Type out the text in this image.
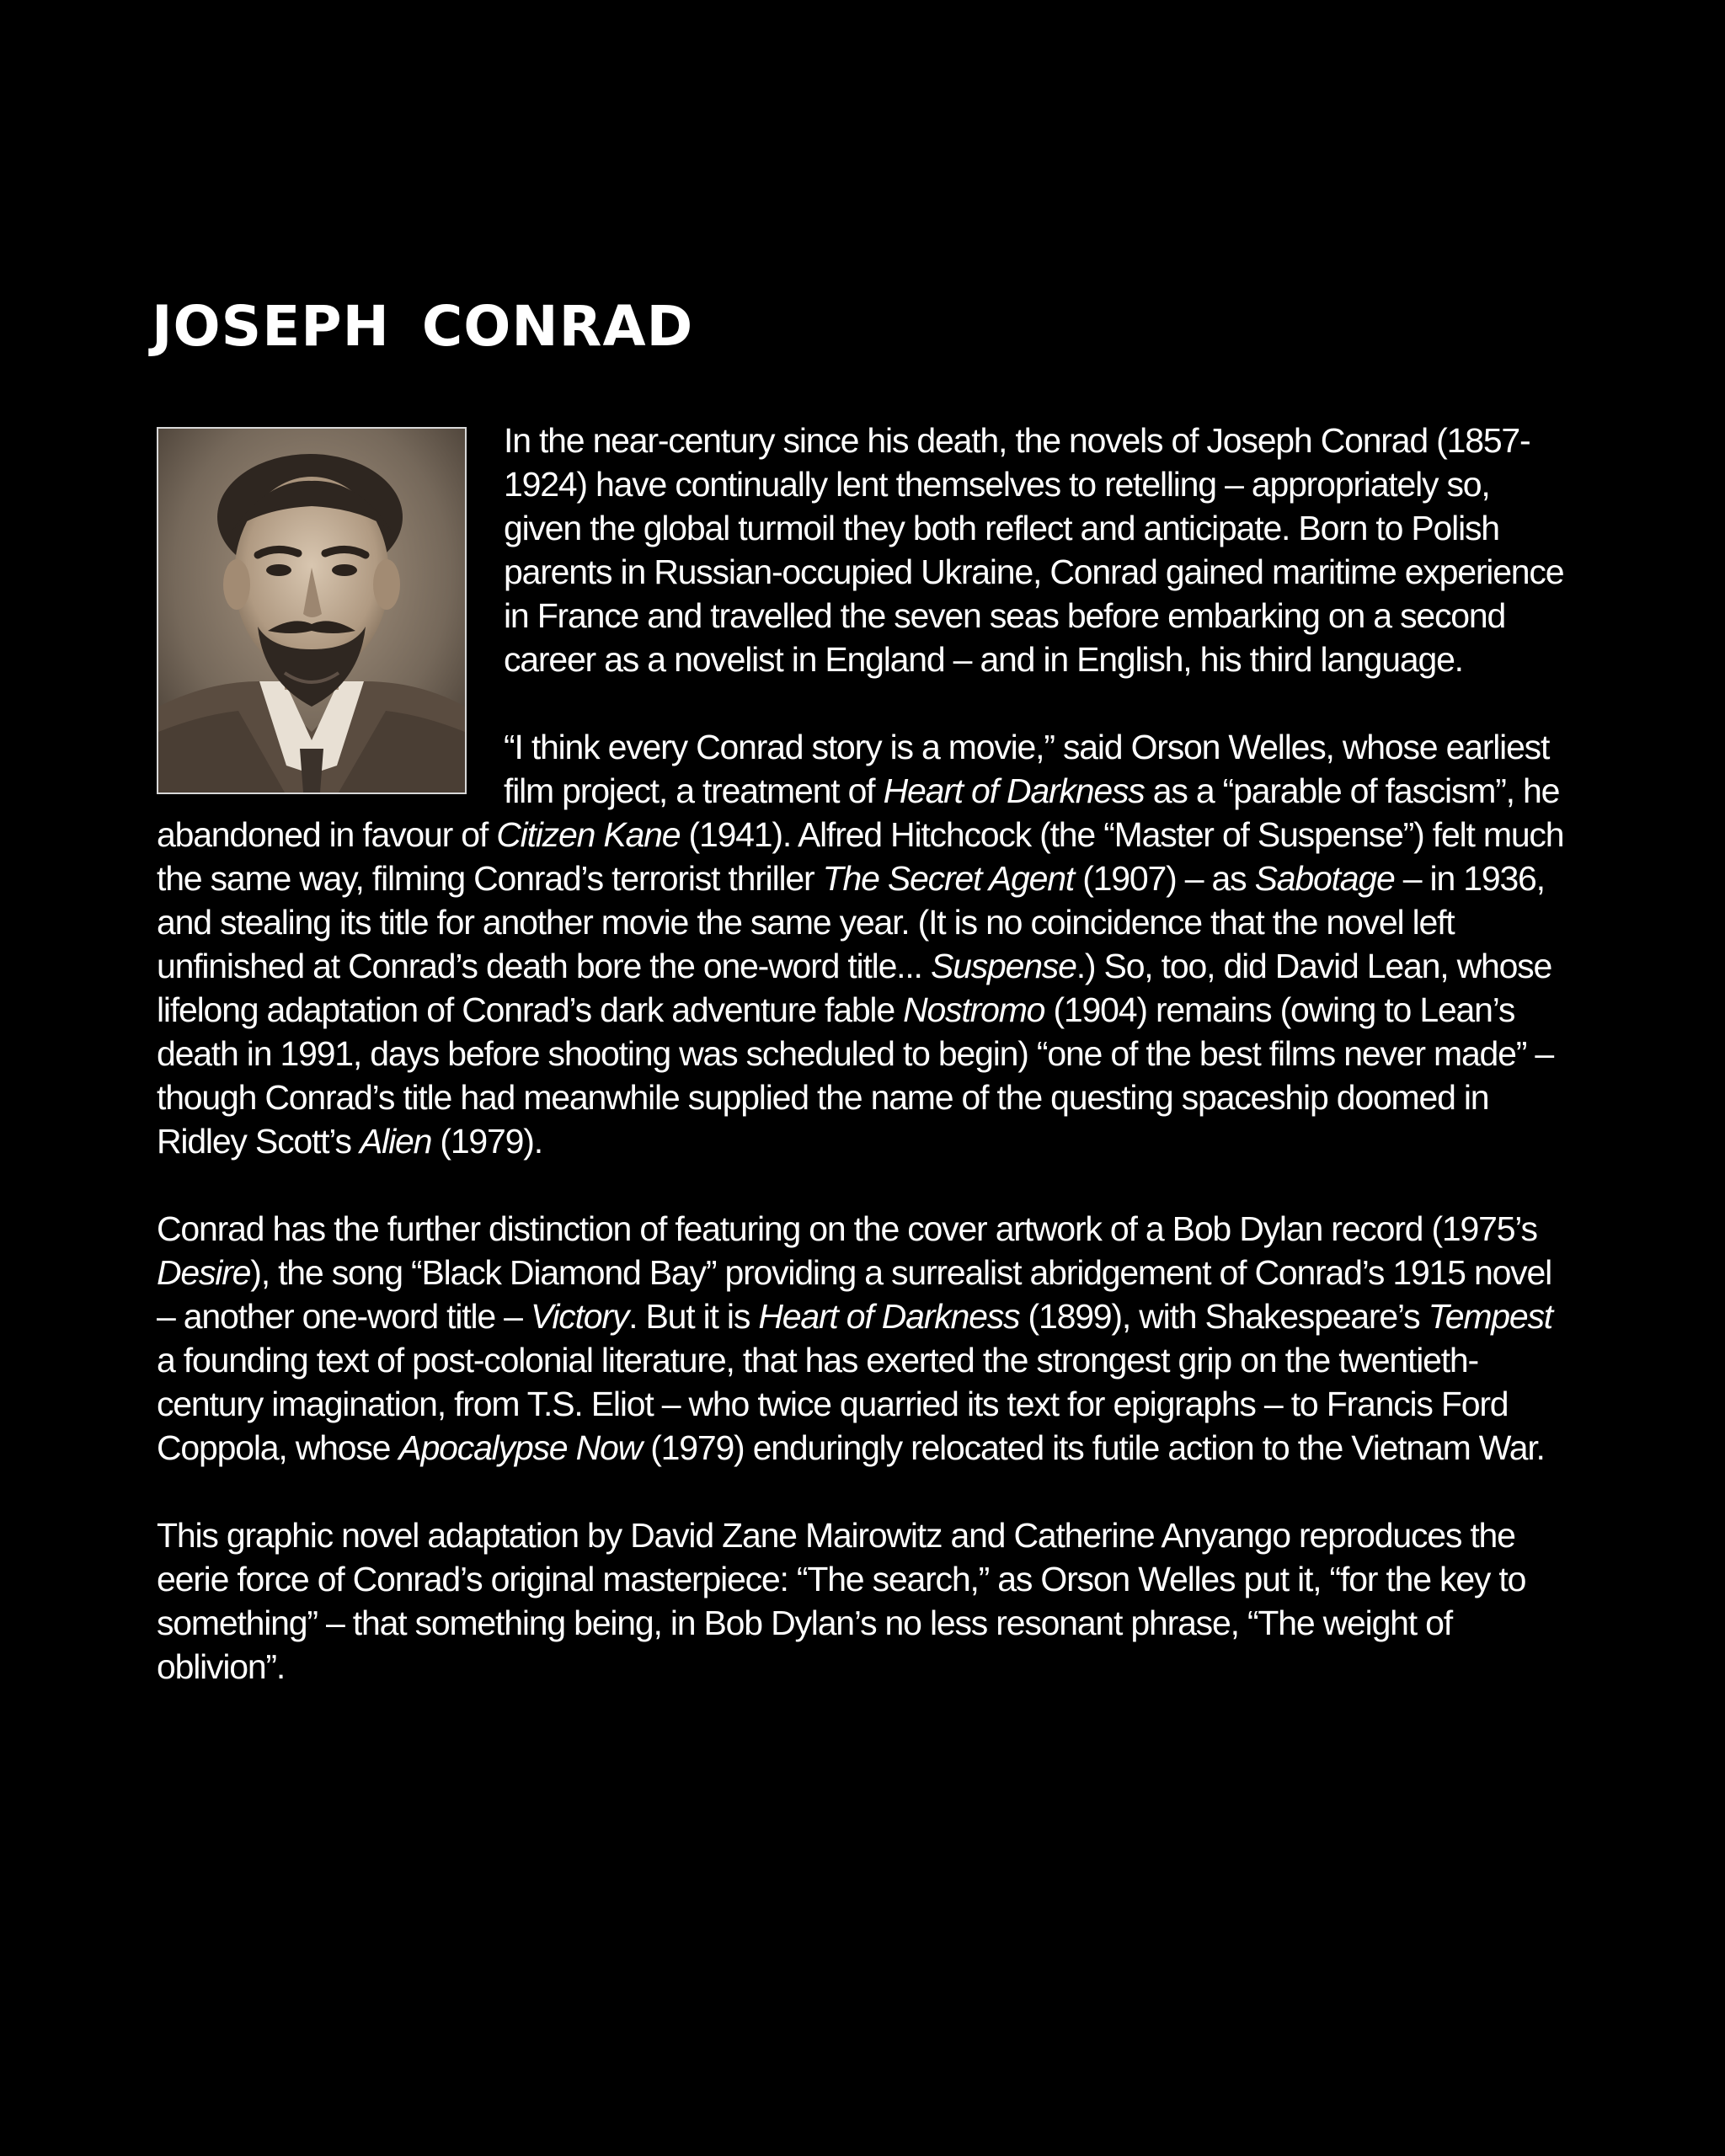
JOSEPH CONRAD

In the near-century since his death, the novels of Joseph Conrad (1857-1924) have continually lent themselves to retelling – appropriately so, given the global turmoil they both reflect and anticipate. Born to Polish parents in Russian-occupied Ukraine, Conrad gained maritime experience in France and travelled the seven seas before embarking on a second career as a novelist in England – and in English, his third language.

“I think every Conrad story is a movie,” said Orson Welles, whose earliest film project, a treatment of Heart of Darkness as a “parable of fascism”, he abandoned in favour of Citizen Kane (1941). Alfred Hitchcock (the “Master of Suspense”) felt much the same way, filming Conrad’s terrorist thriller The Secret Agent (1907) – as Sabotage – in 1936, and stealing its title for another movie the same year. (It is no coincidence that the novel left unfinished at Conrad’s death bore the one-word title... Suspense.) So, too, did David Lean, whose lifelong adaptation of Conrad’s dark adventure fable Nostromo (1904) remains (owing to Lean’s death in 1991, days before shooting was scheduled to begin) “one of the best films never made” – though Conrad’s title had meanwhile supplied the name of the questing spaceship doomed in Ridley Scott’s Alien (1979).

Conrad has the further distinction of featuring on the cover artwork of a Bob Dylan record (1975’s Desire), the song “Black Diamond Bay” providing a surrealist abridgement of Conrad’s 1915 novel – another one-word title – Victory. But it is Heart of Darkness (1899), with Shakespeare’s Tempest a founding text of post-colonial literature, that has exerted the strongest grip on the twentieth-century imagination, from T.S. Eliot – who twice quarried its text for epigraphs – to Francis Ford Coppola, whose Apocalypse Now (1979) enduringly relocated its futile action to the Vietnam War.

This graphic novel adaptation by David Zane Mairowitz and Catherine Anyango reproduces the eerie force of Conrad’s original masterpiece: “The search,” as Orson Welles put it, “for the key to something” – that something being, in Bob Dylan’s no less resonant phrase, “The weight of oblivion”.
